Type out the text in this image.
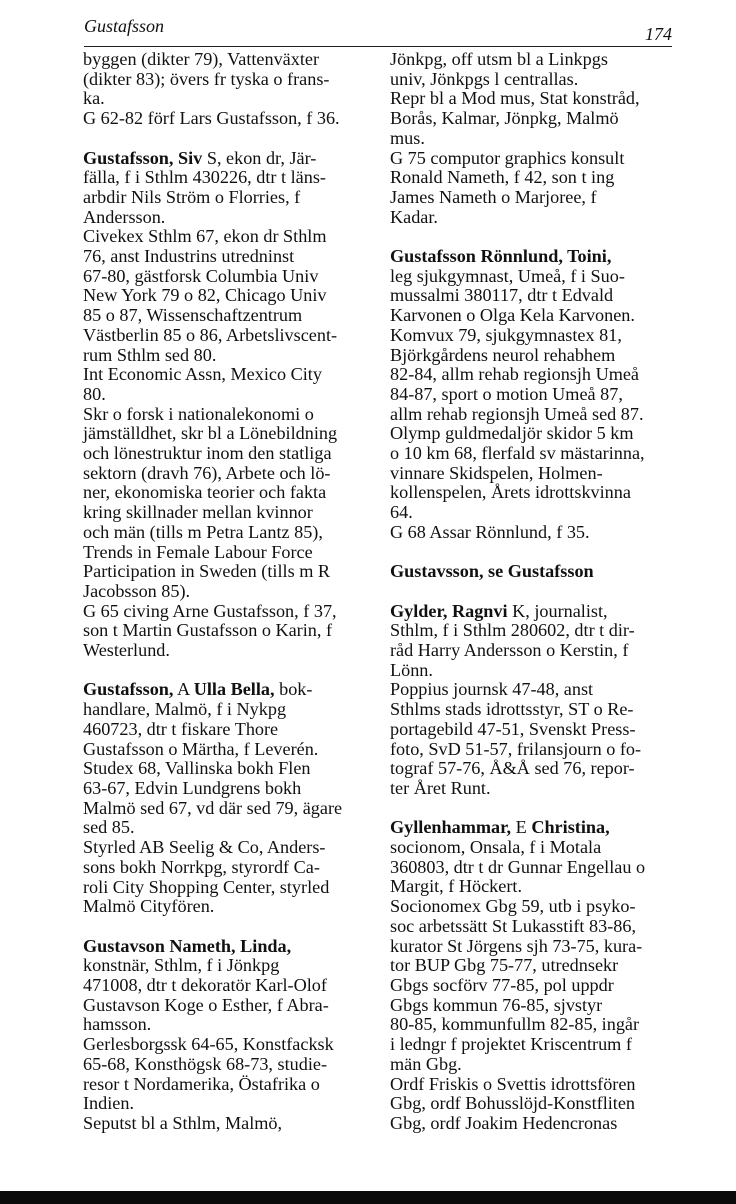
Gustafsson	174
byggen (dikter 79), Vattenväxter
(dikter 83); övers fr tyska o frans-
ka.
G 62-82 förf Lars Gustafsson, f 36.
Gustafsson, Siv S, ekon dr, Jär-
fälla, f i Sthlm 430226, dtr t läns-
arbdir Nils Ström o Florries, f
Andersson.
Civekex Sthlm 67, ekon dr Sthlm
76, anst Industrins utredninst
67-80, gästforsk Columbia Univ
New York 79 o 82, Chicago Univ
85 o 87, Wissenschaftzentrum
Västberlin 85 o 86, Arbetslivscent-
rum Sthlm sed 80.
Int Economic Assn, Mexico City
80.
Skr o forsk i nationalekonomi o
jämställdhet, skr bl a Lönebildning
och lönestruktur inom den statliga
sektorn (dravh 76), Arbete och lö-
ner, ekonomiska teorier och fakta
kring skillnader mellan kvinnor
och män (tills m Petra Lantz 85),
Trends in Female Labour Force
Participation in Sweden (tills m R
Jacobsson 85).
G 65 civing Arne Gustafsson, f 37,
son t Martin Gustafsson o Karin, f
Westerlund.
Gustafsson, A Ulla Bella, bok-
handlare, Malmö, f i Nykpg
460723, dtr t fiskare Thore
Gustafsson o Märtha, f Leverén.
Studex 68, Vallinska bokh Flen
63-67, Edvin Lundgrens bokh
Malmö sed 67, vd där sed 79, ägare
sed 85.
Styrled AB Seelig & Co, Anders-
sons bokh Norrkpg, styrordf Ca-
roli City Shopping Center, styrled
Malmö Cityfören.
Gustavson Nameth, Linda,
konstnär, Sthlm, f i Jönkpg
471008, dtr t dekoratör Karl-Olof
Gustavson Koge o Esther, f Abra-
hamsson.
Gerlesborgssk 64-65, Konstfacksk
65-68, Konsthögsk 68-73, studie-
resor t Nordamerika, Östafrika o
Indien.
Seputst bl a Sthlm, Malmö,
Jönkpg, off utsm bl a Linkpgs
univ, Jönkpgs l centrallas.
Repr bl a Mod mus, Stat konstråd,
Borås, Kalmar, Jönpkg, Malmö
mus.
G 75 computor graphics konsult
Ronald Nameth, f 42, son t ing
James Nameth o Marjoree, f
Kadar.
Gustafsson Rönnlund, Toini,
leg sjukgymnast, Umeå, f i Suo-
mussalmi 380117, dtr t Edvald
Karvonen o Olga Kela Karvonen.
Komvux 79, sjukgymnastex 81,
Björkgårdens neurol rehabhem
82-84, allm rehab regionsjh Umeå
84-87, sport o motion Umeå 87,
allm rehab regionsjh Umeå sed 87.
Olymp guldmedaljör skidor 5 km
o 10 km 68, flerfald sv mästarinna,
vinnare Skidspelen, Holmen-
kollenspelen, Årets idrottskvinna
64.
G 68 Assar Rönnlund, f 35.
Gustavsson, se Gustafsson
Gylder, Ragnvi K, journalist,
Sthlm, f i Sthlm 280602, dtr t dir-
råd Harry Andersson o Kerstin, f
Lönn.
Poppius journsk 47-48, anst
Sthlms stads idrottsstyr, ST o Re-
portagebild 47-51, Svenskt Press-
foto, SvD 51-57, frilansjourn o fo-
tograf 57-76, Å&Å sed 76, repor-
ter Året Runt.
Gyllenhammar, E Christina,
socionom, Onsala, f i Motala
360803, dtr t dr Gunnar Engellau o
Margit, f Höckert.
Socionomex Gbg 59, utb i psyko-
soc arbetssätt St Lukasstift 83-86,
kurator St Jörgens sjh 73-75, kura-
tor BUP Gbg 75-77, utrednsekr
Gbgs socförv 77-85, pol uppdr
Gbgs kommun 76-85, sjvstyr
80-85, kommunfullm 82-85, ingår
i ledngr f projektet Kriscentrum f
män Gbg.
Ordf Friskis o Svettis idrottsfören
Gbg, ordf Bohusslöjd-Konstfliten
Gbg, ordf Joakim Hedencronas
